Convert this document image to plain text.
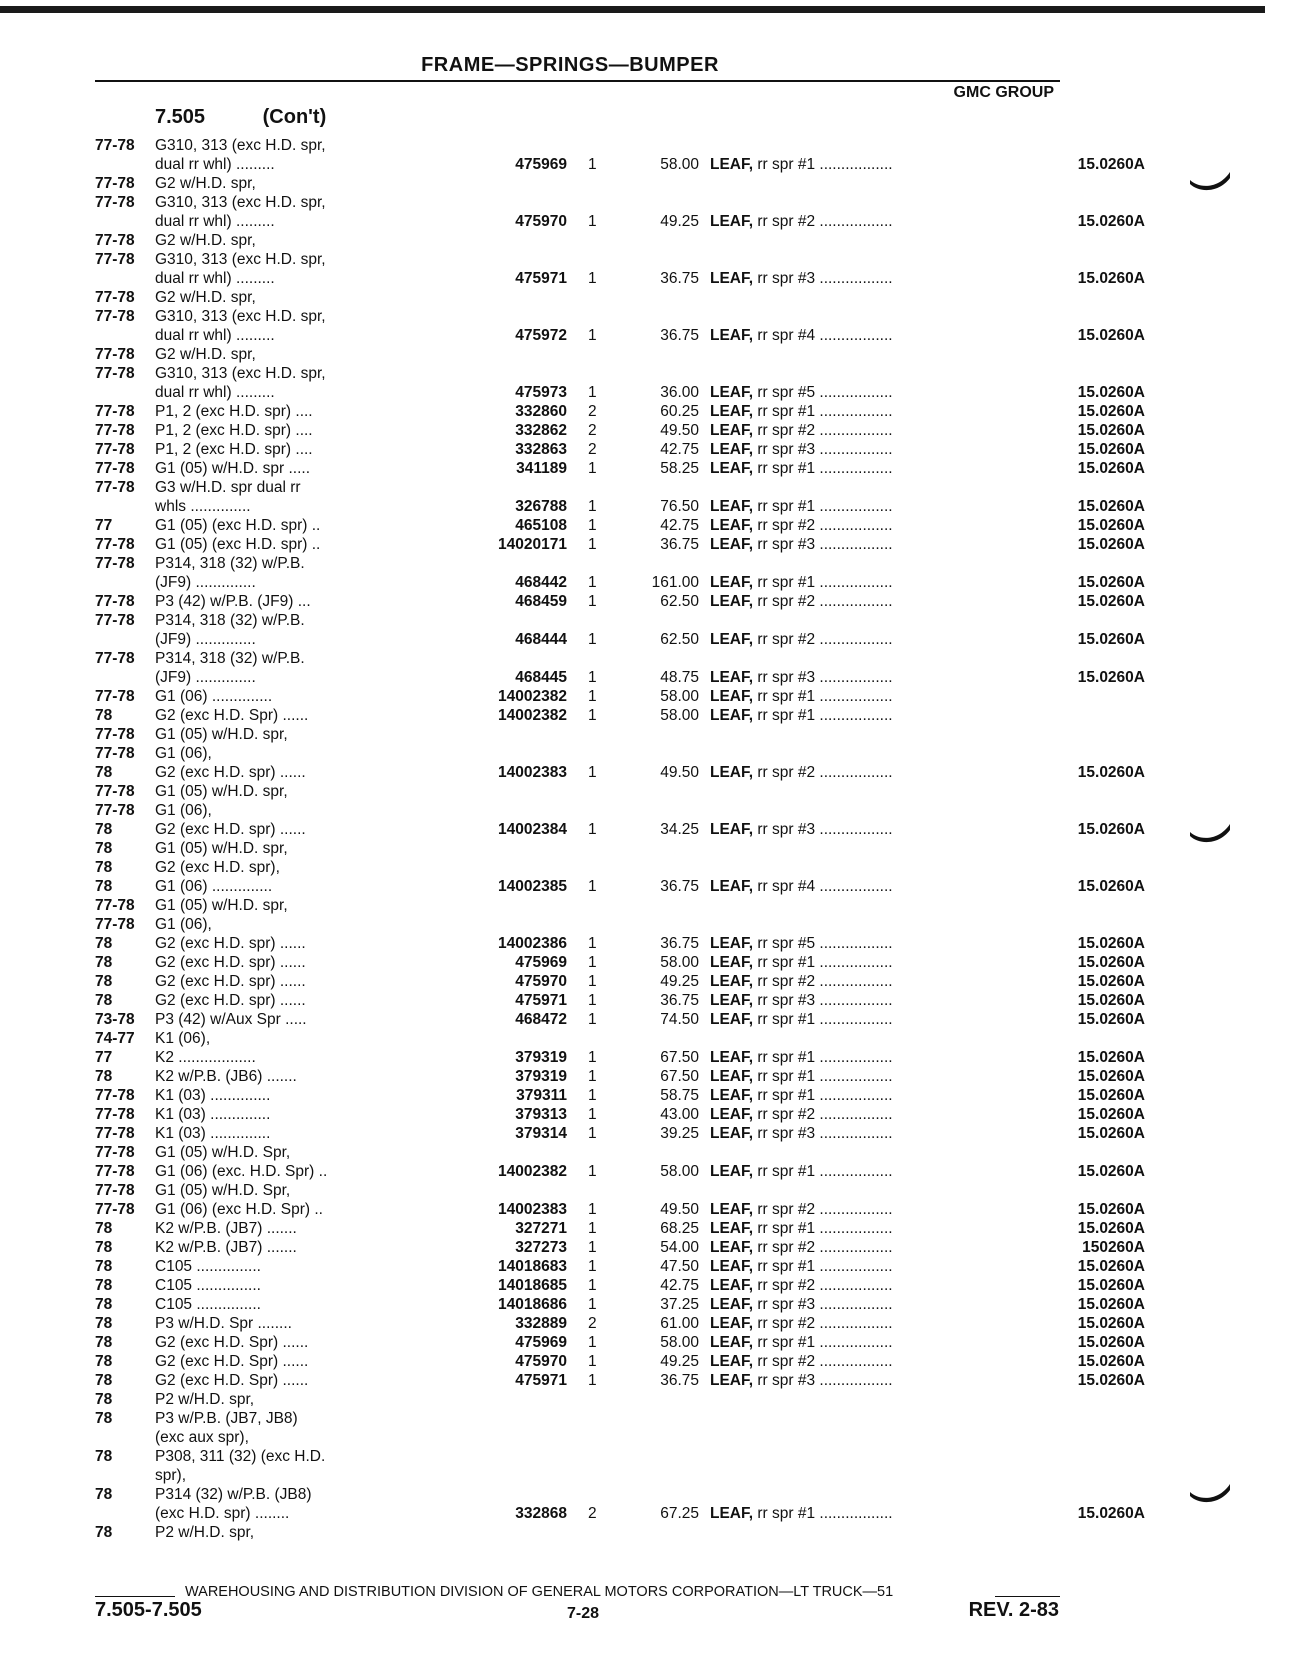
FRAME—SPRINGS—BUMPER
GMC GROUP
7.505	(Con't)
77-78	G310, 313 (exc H.D. spr,
dual rr whl) .........	475969 1	58.00 LEAF, rr spr #1 .................	15.0260A
77-78	G2 w/H.D. spr,
77-78	G310, 313 (exc H.D. spr,
dual rr whl) .........	475970 1	49.25 LEAF, rr spr #2 .................	15.0260A
77-78	G2 w/H.D. spr,
77-78	G310, 313 (exc H.D. spr,
dual rr whl) .........	475971 1	36.75 LEAF, rr spr #3 .................	15.0260A
77-78	G2 w/H.D. spr,
77-78	G310, 313 (exc H.D. spr,
dual rr whl) .........	475972 1	36.75 LEAF, rr spr #4 .................	15.0260A
77-78	G2 w/H.D. spr,
77-78	G310, 313 (exc H.D. spr,
dual rr whl) .........	475973 1	36.00 LEAF, rr spr #5 .................	15.0260A
77-78	P1, 2 (exc H.D. spr) ....	332860 2	60.25 LEAF, rr spr #1 .................	15.0260A
77-78	P1, 2 (exc H.D. spr) ....	332862 2	49.50 LEAF, rr spr #2 .................	15.0260A
77-78	P1, 2 (exc H.D. spr) ....	332863 2	42.75 LEAF, rr spr #3 .................	15.0260A
77-78	G1 (05) w/H.D. spr .....	341189 1	58.25 LEAF, rr spr #1 .................	15.0260A
77-78	G3 w/H.D. spr dual rr
whls ..............	326788 1	76.50 LEAF, rr spr #1 .................	15.0260A
77	G1 (05) (exc H.D. spr) ..	465108 1	42.75 LEAF, rr spr #2 .................	15.0260A
77-78	G1 (05) (exc H.D. spr) ..	14020171 1	36.75 LEAF, rr spr #3 .................	15.0260A
77-78	P314, 318 (32) w/P.B.
(JF9) ..............	468442 1	161.00 LEAF, rr spr #1 .................	15.0260A
77-78	P3 (42) w/P.B. (JF9) ...	468459 1	62.50 LEAF, rr spr #2 .................	15.0260A
77-78	P314, 318 (32) w/P.B.
(JF9) ..............	468444 1	62.50 LEAF, rr spr #2 .................	15.0260A
77-78	P314, 318 (32) w/P.B.
(JF9) ..............	468445 1	48.75 LEAF, rr spr #3 .................	15.0260A
77-78	G1 (06) ..............	14002382 1	58.00 LEAF, rr spr #1 .................
78	G2 (exc H.D. Spr) ......	14002382 1	58.00 LEAF, rr spr #1 .................
77-78	G1 (05) w/H.D. spr,
77-78	G1 (06),
78	G2 (exc H.D. spr) ......	14002383 1	49.50 LEAF, rr spr #2 .................	15.0260A
77-78	G1 (05) w/H.D. spr,
77-78	G1 (06),
78	G2 (exc H.D. spr) ......	14002384 1	34.25 LEAF, rr spr #3 .................	15.0260A
78	G1 (05) w/H.D. spr,
78	G2 (exc H.D. spr),
78	G1 (06) ..............	14002385 1	36.75 LEAF, rr spr #4 .................	15.0260A
77-78	G1 (05) w/H.D. spr,
77-78	G1 (06),
78	G2 (exc H.D. spr) ......	14002386 1	36.75 LEAF, rr spr #5 .................	15.0260A
78	G2 (exc H.D. spr) ......	475969 1	58.00 LEAF, rr spr #1 .................	15.0260A
78	G2 (exc H.D. spr) ......	475970 1	49.25 LEAF, rr spr #2 .................	15.0260A
78	G2 (exc H.D. spr) ......	475971 1	36.75 LEAF, rr spr #3 .................	15.0260A
73-78	P3 (42) w/Aux Spr .....	468472 1	74.50 LEAF, rr spr #1 .................	15.0260A
74-77	K1 (06),
77	K2 ..................	379319 1	67.50 LEAF, rr spr #1 .................	15.0260A
78	K2 w/P.B. (JB6) .......	379319 1	67.50 LEAF, rr spr #1 .................	15.0260A
77-78	K1 (03) ..............	379311 1	58.75 LEAF, rr spr #1 .................	15.0260A
77-78	K1 (03) ..............	379313 1	43.00 LEAF, rr spr #2 .................	15.0260A
77-78	K1 (03) ..............	379314 1	39.25 LEAF, rr spr #3 .................	15.0260A
77-78	G1 (05) w/H.D. Spr,
77-78	G1 (06) (exc. H.D. Spr) ..	14002382 1	58.00 LEAF, rr spr #1 .................	15.0260A
77-78	G1 (05) w/H.D. Spr,
77-78	G1 (06) (exc H.D. Spr) ..	14002383 1	49.50 LEAF, rr spr #2 .................	15.0260A
78	K2 w/P.B. (JB7) .......	327271 1	68.25 LEAF, rr spr #1 .................	15.0260A
78	K2 w/P.B. (JB7) .......	327273 1	54.00 LEAF, rr spr #2 .................	150260A
78	C105 ...............	14018683 1	47.50 LEAF, rr spr #1 .................	15.0260A
78	C105 ...............	14018685 1	42.75 LEAF, rr spr #2 .................	15.0260A
78	C105 ...............	14018686 1	37.25 LEAF, rr spr #3 .................	15.0260A
78	P3 w/H.D. Spr ........	332889 2	61.00 LEAF, rr spr #2 .................	15.0260A
78	G2 (exc H.D. Spr) ......	475969 1	58.00 LEAF, rr spr #1 .................	15.0260A
78	G2 (exc H.D. Spr) ......	475970 1	49.25 LEAF, rr spr #2 .................	15.0260A
78	G2 (exc H.D. Spr) ......	475971 1	36.75 LEAF, rr spr #3 .................	15.0260A
78	P2 w/H.D. spr,
78	P3 w/P.B. (JB7, JB8)
(exc aux spr),
78	P308, 311 (32) (exc H.D.
spr),
78	P314 (32) w/P.B. (JB8)
(exc H.D. spr) ........	332868 2	67.25 LEAF, rr spr #1 .................	15.0260A
78	P2 w/H.D. spr,
WAREHOUSING AND DISTRIBUTION DIVISION OF GENERAL MOTORS CORPORATION—LT TRUCK—51
7.505-7.505	7-28	REV. 2-83
